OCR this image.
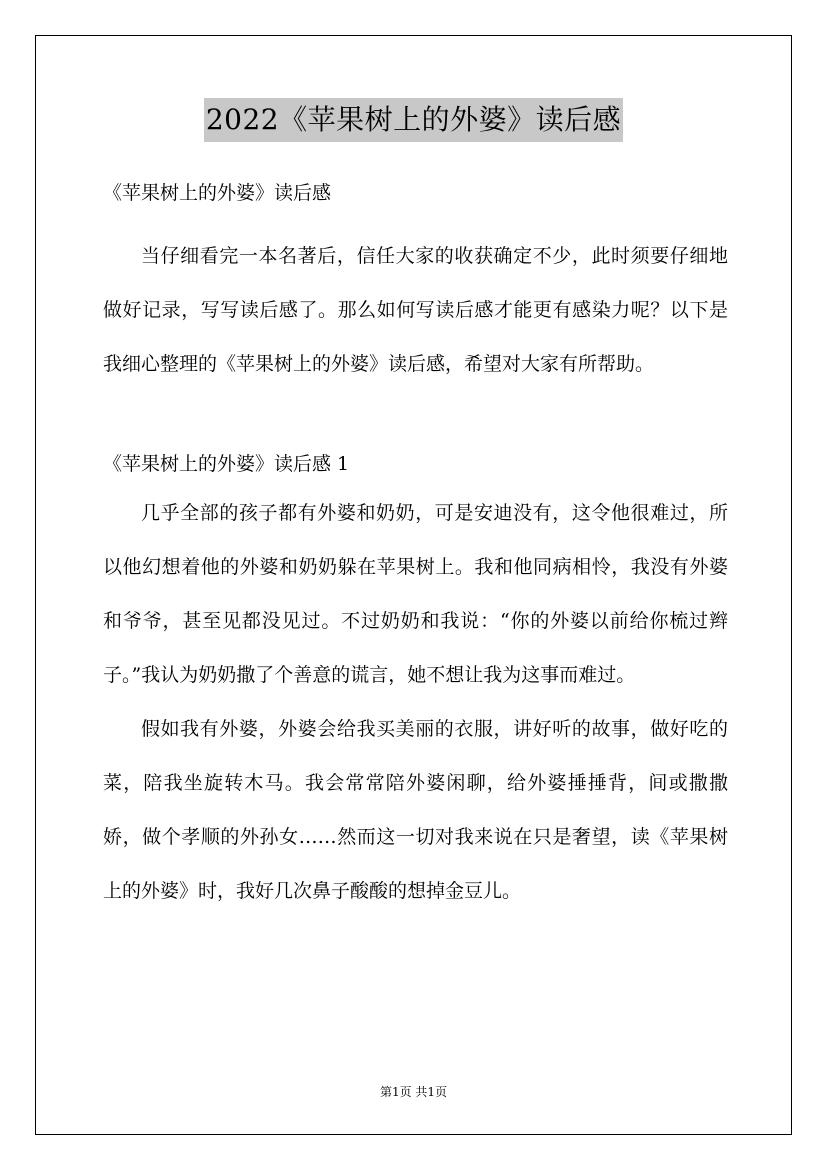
2022《苹果树上的外婆》读后感

《苹果树上的外婆》读后感

当仔细看完一本名著后，信任大家的收获确定不少，此时须要仔细地做好记录，写写读后感了。那么如何写读后感才能更有感染力呢？以下是我细心整理的《苹果树上的外婆》读后感，希望对大家有所帮助。

《苹果树上的外婆》读后感 1

几乎全部的孩子都有外婆和奶奶，可是安迪没有，这令他很难过，所以他幻想着他的外婆和奶奶躲在苹果树上。我和他同病相怜，我没有外婆和爷爷，甚至见都没见过。不过奶奶和我说：“你的外婆以前给你梳过辫子。”我认为奶奶撒了个善意的谎言，她不想让我为这事而难过。

假如我有外婆，外婆会给我买美丽的衣服，讲好听的故事，做好吃的菜，陪我坐旋转木马。我会常常陪外婆闲聊，给外婆捶捶背，间或撒撒娇，做个孝顺的外孙女……然而这一切对我来说在只是奢望，读《苹果树上的外婆》时，我好几次鼻子酸酸的想掉金豆儿。

第1页 共1页
